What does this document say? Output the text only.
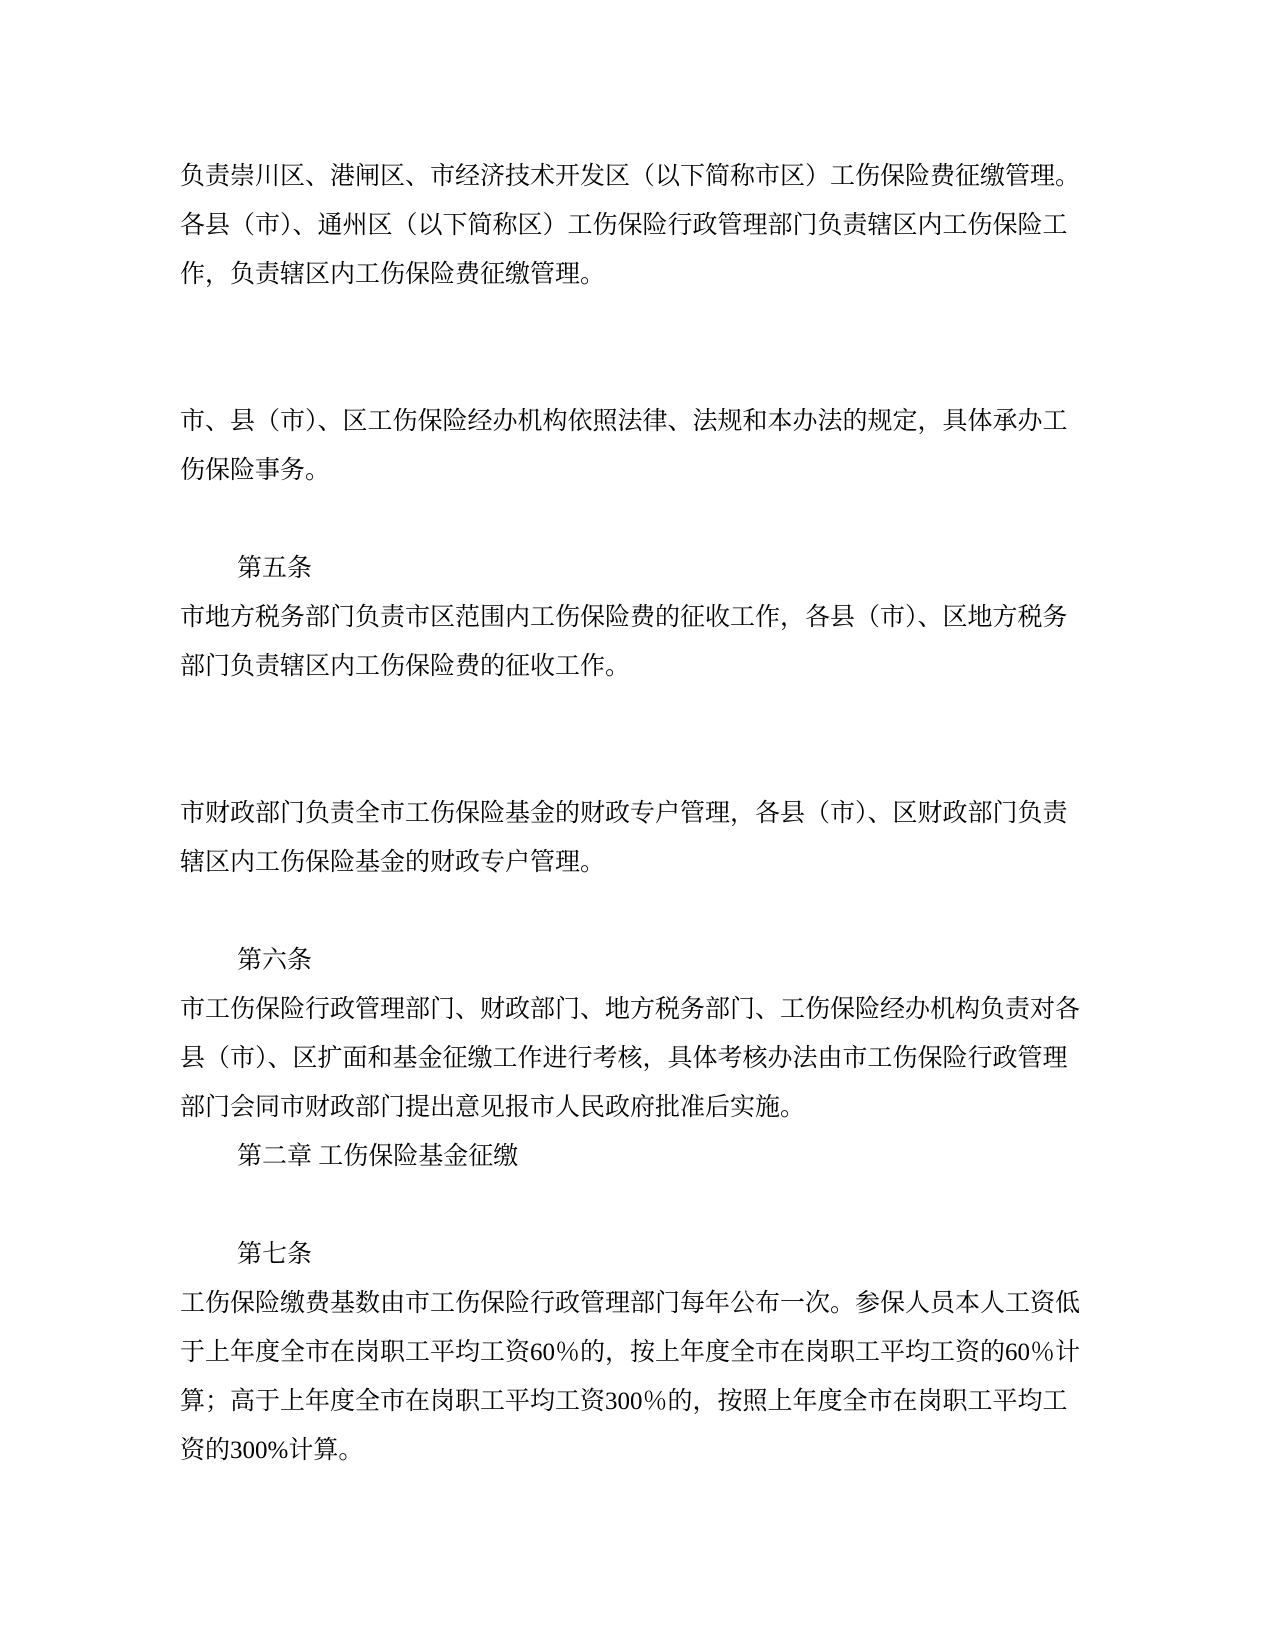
负责崇川区、港闸区、市经济技术开发区（以下简称市区）工伤保险费征缴管理。各县（市）、通州区（以下简称区）工伤保险行政管理部门负责辖区内工伤保险工作，负责辖区内工伤保险费征缴管理。

市、县（市）、区工伤保险经办机构依照法律、法规和本办法的规定，具体承办工伤保险事务。

第五条

市地方税务部门负责市区范围内工伤保险费的征收工作，各县（市）、区地方税务部门负责辖区内工伤保险费的征收工作。

市财政部门负责全市工伤保险基金的财政专户管理，各县（市）、区财政部门负责辖区内工伤保险基金的财政专户管理。

第六条

市工伤保险行政管理部门、财政部门、地方税务部门、工伤保险经办机构负责对各县（市）、区扩面和基金征缴工作进行考核，具体考核办法由市工伤保险行政管理部门会同市财政部门提出意见报市人民政府批准后实施。

第二章 工伤保险基金征缴

第七条

工伤保险缴费基数由市工伤保险行政管理部门每年公布一次。参保人员本人工资低于上年度全市在岗职工平均工资60％的，按上年度全市在岗职工平均工资的60％计算；高于上年度全市在岗职工平均工资300％的，按照上年度全市在岗职工平均工资的300%计算。
